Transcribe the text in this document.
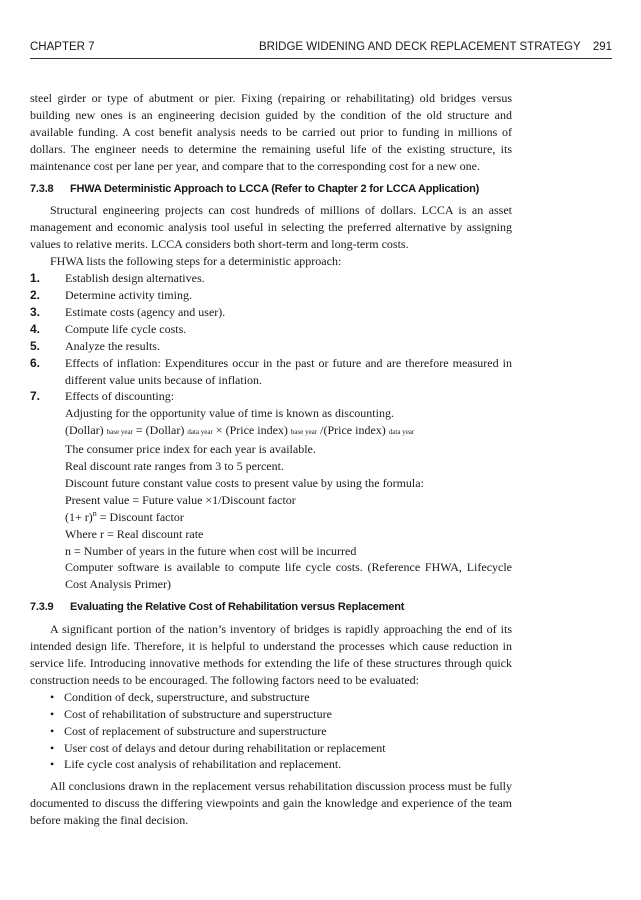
CHAPTER 7	BRIDGE WIDENING AND DECK REPLACEMENT STRATEGY 291

steel girder or type of abutment or pier. Fixing (repairing or rehabilitating) old bridges versus building new ones is an engineering decision guided by the condition of the old structure and available funding. A cost benefit analysis needs to be carried out prior to funding in millions of dollars. The engineer needs to determine the remaining useful life of the existing structure, its maintenance cost per lane per year, and compare that to the corresponding cost for a new one.

7.3.8 FHWA Deterministic Approach to LCCA (Refer to Chapter 2 for LCCA Application)

Structural engineering projects can cost hundreds of millions of dollars. LCCA is an asset management and economic analysis tool useful in selecting the preferred alternative by assigning values to relative merits. LCCA considers both short-term and long-term costs.

FHWA lists the following steps for a deterministic approach:

1. Establish design alternatives.
2. Determine activity timing.
3. Estimate costs (agency and user).
4. Compute life cycle costs.
5. Analyze the results.
6. Effects of inflation: Expenditures occur in the past or future and are therefore measured in different value units because of inflation.
7. Effects of discounting:

Adjusting for the opportunity value of time is known as discounting.

(Dollar) base year = (Dollar) data year × (Price index) base year /(Price index) data year

The consumer price index for each year is available.

Real discount rate ranges from 3 to 5 percent.

Discount future constant value costs to present value by using the formula:

Present value = Future value ×1/Discount factor

$(1+ r)^n$ = Discount factor

Where r = Real discount rate

n = Number of years in the future when cost will be incurred

Computer software is available to compute life cycle costs. (Reference FHWA, Lifecycle Cost Analysis Primer)

7.3.9 Evaluating the Relative Cost of Rehabilitation versus Replacement

A significant portion of the nation’s inventory of bridges is rapidly approaching the end of its intended design life. Therefore, it is helpful to understand the processes which cause reduction in service life. Introducing innovative methods for extending the life of these structures through quick construction needs to be encouraged. The following factors need to be evaluated:

• Condition of deck, superstructure, and substructure
• Cost of rehabilitation of substructure and superstructure
• Cost of replacement of substructure and superstructure
• User cost of delays and detour during rehabilitation or replacement
• Life cycle cost analysis of rehabilitation and replacement.

All conclusions drawn in the replacement versus rehabilitation discussion process must be fully documented to discuss the differing viewpoints and gain the knowledge and experience of the team before making the final decision.
